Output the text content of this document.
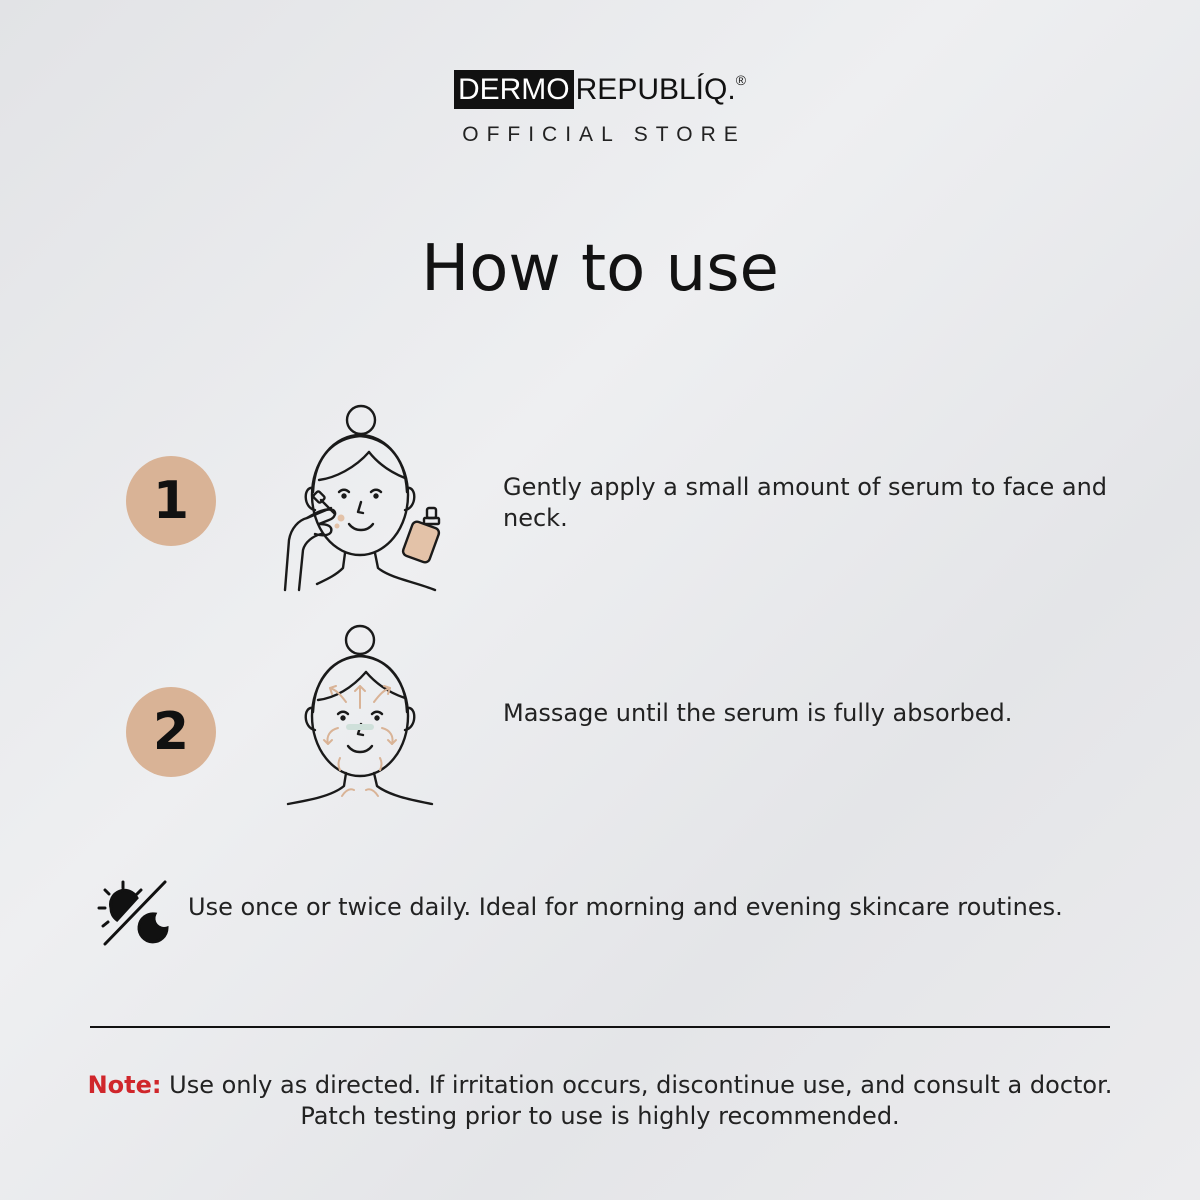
DERMO REPUBLÍQ. ®
OFFICIAL STORE
How to use
1	Gently apply a small amount of serum to face and neck.
2	Massage until the serum is fully absorbed.
Use once or twice daily. Ideal for morning and evening skincare routines.
Note: Use only as directed. If irritation occurs, discontinue use, and consult a doctor.
Patch testing prior to use is highly recommended.
